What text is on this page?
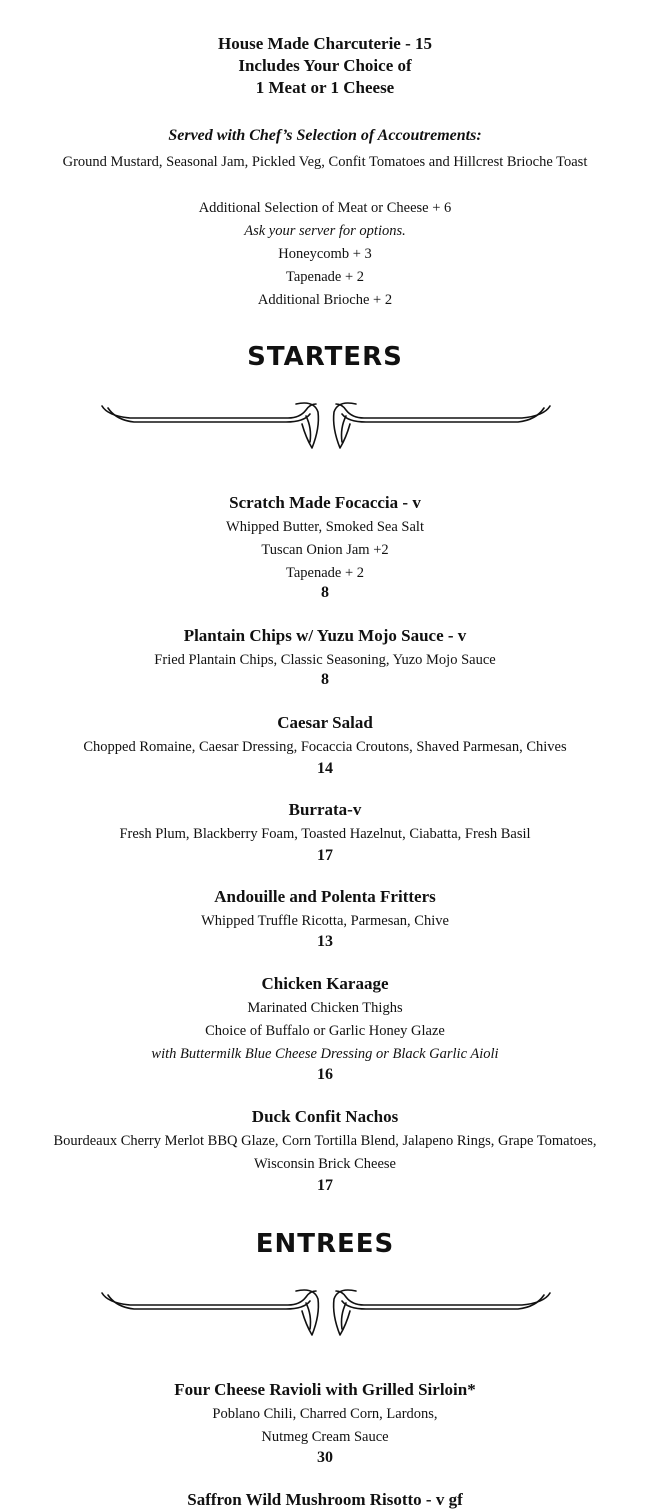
House Made Charcuterie - 15
Includes Your Choice of
1 Meat or 1 Cheese
Served with Chef’s Selection of Accoutrements:
Ground Mustard, Seasonal Jam, Pickled Veg, Confit Tomatoes and Hillcrest Brioche Toast
Additional Selection of Meat or Cheese + 6
Ask your server for options.
Honeycomb + 3
Tapenade + 2
Additional Brioche + 2
STARTERS
Scratch Made Focaccia - v
Whipped Butter, Smoked Sea Salt
Tuscan Onion Jam +2
Tapenade + 2
8
Plantain Chips w/ Yuzu Mojo Sauce - v
Fried Plantain Chips, Classic Seasoning, Yuzo Mojo Sauce
8
Caesar Salad
Chopped Romaine, Caesar Dressing, Focaccia Croutons, Shaved Parmesan, Chives
14
Burrata-v
Fresh Plum, Blackberry Foam, Toasted Hazelnut, Ciabatta, Fresh Basil
17
Andouille and Polenta Fritters
Whipped Truffle Ricotta, Parmesan, Chive
13
Chicken Karaage
Marinated Chicken Thighs
Choice of Buffalo or Garlic Honey Glaze
with Buttermilk Blue Cheese Dressing or Black Garlic Aioli
16
Duck Confit Nachos
Bourdeaux Cherry Merlot BBQ Glaze, Corn Tortilla Blend, Jalapeno Rings, Grape Tomatoes,
Wisconsin Brick Cheese
17
ENTREES
Four Cheese Ravioli with Grilled Sirloin*
Poblano Chili, Charred Corn, Lardons,
Nutmeg Cream Sauce
30
Saffron Wild Mushroom Risotto - v gf
